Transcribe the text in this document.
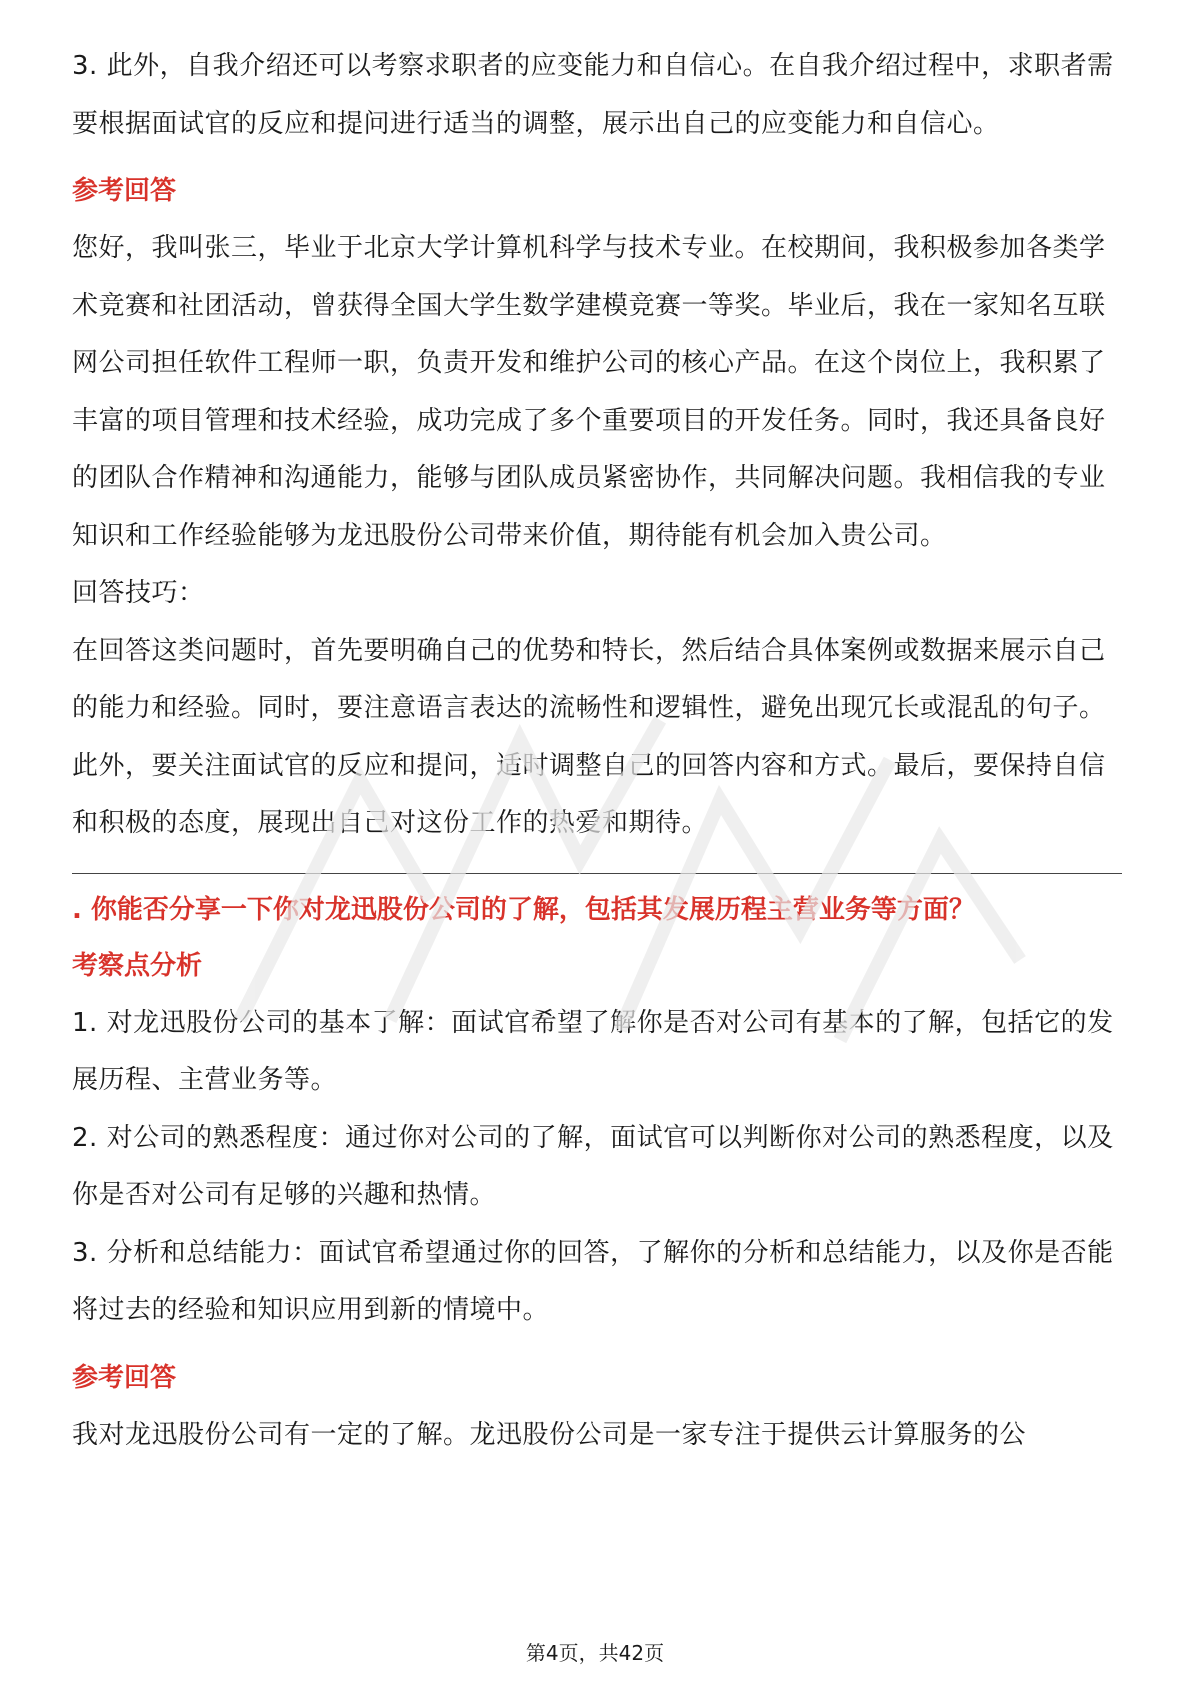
3. 此外，自我介绍还可以考察求职者的应变能力和自信心。在自我介绍过程中，求职者需要根据面试官的反应和提问进行适当的调整，展示出自己的应变能力和自信心。

参考回答

您好，我叫张三，毕业于北京大学计算机科学与技术专业。在校期间，我积极参加各类学术竞赛和社团活动，曾获得全国大学生数学建模竞赛一等奖。毕业后，我在一家知名互联网公司担任软件工程师一职，负责开发和维护公司的核心产品。在这个岗位上，我积累了丰富的项目管理和技术经验，成功完成了多个重要项目的开发任务。同时，我还具备良好的团队合作精神和沟通能力，能够与团队成员紧密协作，共同解决问题。我相信我的专业知识和工作经验能够为龙迅股份公司带来价值，期待能有机会加入贵公司。

回答技巧：

在回答这类问题时，首先要明确自己的优势和特长，然后结合具体案例或数据来展示自己的能力和经验。同时，要注意语言表达的流畅性和逻辑性，避免出现冗长或混乱的句子。此外，要关注面试官的反应和提问，适时调整自己的回答内容和方式。最后，要保持自信和积极的态度，展现出自己对这份工作的热爱和期待。

. 你能否分享一下你对龙迅股份公司的了解，包括其发展历程主营业务等方面？

考察点分析

1. 对龙迅股份公司的基本了解：面试官希望了解你是否对公司有基本的了解，包括它的发展历程、主营业务等。

2. 对公司的熟悉程度：通过你对公司的了解，面试官可以判断你对公司的熟悉程度，以及你是否对公司有足够的兴趣和热情。

3. 分析和总结能力：面试官希望通过你的回答，了解你的分析和总结能力，以及你是否能将过去的经验和知识应用到新的情境中。

参考回答

我对龙迅股份公司有一定的了解。龙迅股份公司是一家专注于提供云计算服务的公

第4页，共42页
